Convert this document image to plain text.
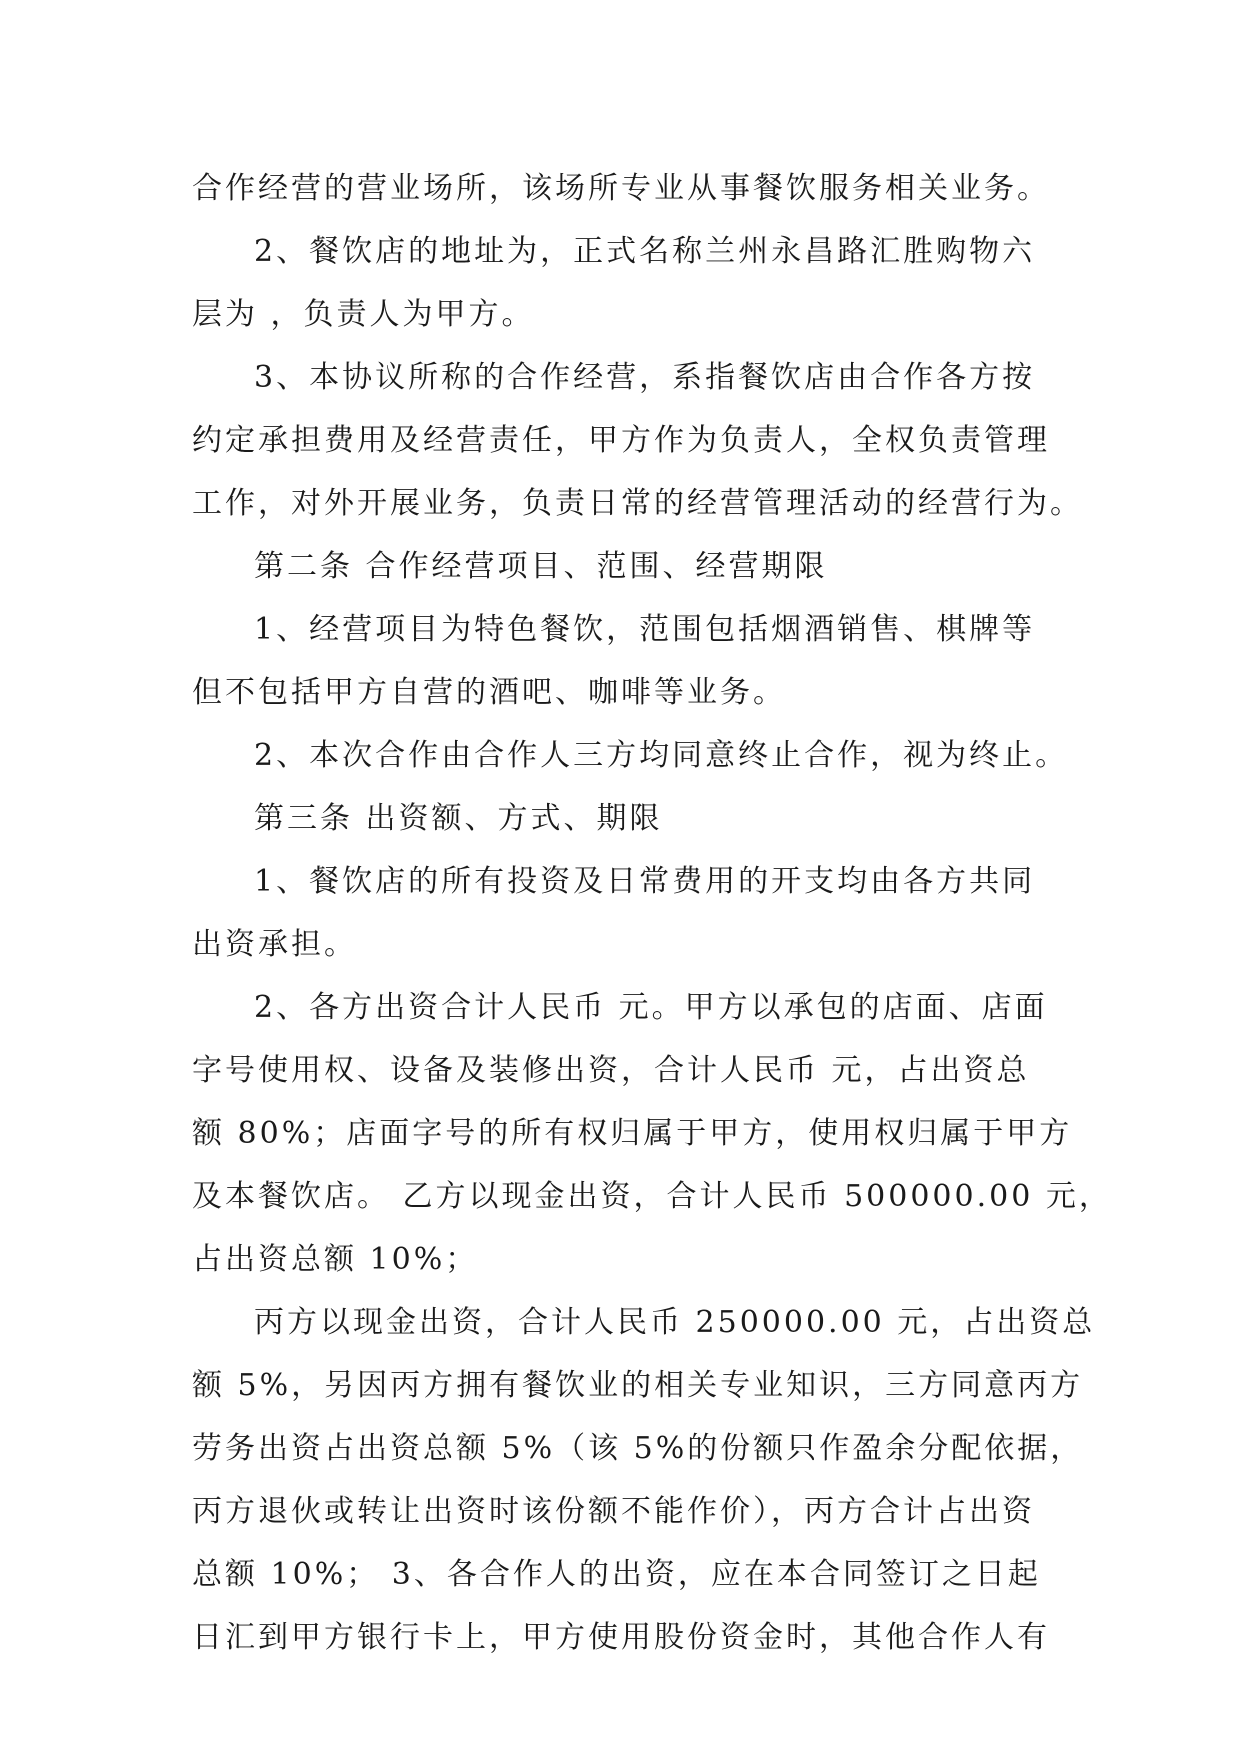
合作经营的营业场所，该场所专业从事餐饮服务相关业务。
2、餐饮店的地址为，正式名称兰州永昌路汇胜购物六
层为 ，负责人为甲方。
3、本协议所称的合作经营，系指餐饮店由合作各方按
约定承担费用及经营责任，甲方作为负责人，全权负责管理
工作，对外开展业务，负责日常的经营管理活动的经营行为。
第二条 合作经营项目、范围、经营期限
1、经营项目为特色餐饮，范围包括烟酒销售、棋牌等
但不包括甲方自营的酒吧、咖啡等业务。
2、本次合作由合作人三方均同意终止合作，视为终止。
第三条 出资额、方式、期限
1、餐饮店的所有投资及日常费用的开支均由各方共同
出资承担。
2、各方出资合计人民币 元。甲方以承包的店面、店面
字号使用权、设备及装修出资，合计人民币 元，占出资总
额 80%；店面字号的所有权归属于甲方，使用权归属于甲方
及本餐饮店。 乙方以现金出资，合计人民币 500000.00 元，
占出资总额 10%；
丙方以现金出资，合计人民币 250000.00 元，占出资总
额 5%，另因丙方拥有餐饮业的相关专业知识，三方同意丙方
劳务出资占出资总额 5%（该 5%的份额只作盈余分配依据，
丙方退伙或转让出资时该份额不能作价），丙方合计占出资
总额 10%； 3、各合作人的出资，应在本合同签订之日起
日汇到甲方银行卡上，甲方使用股份资金时，其他合作人有
